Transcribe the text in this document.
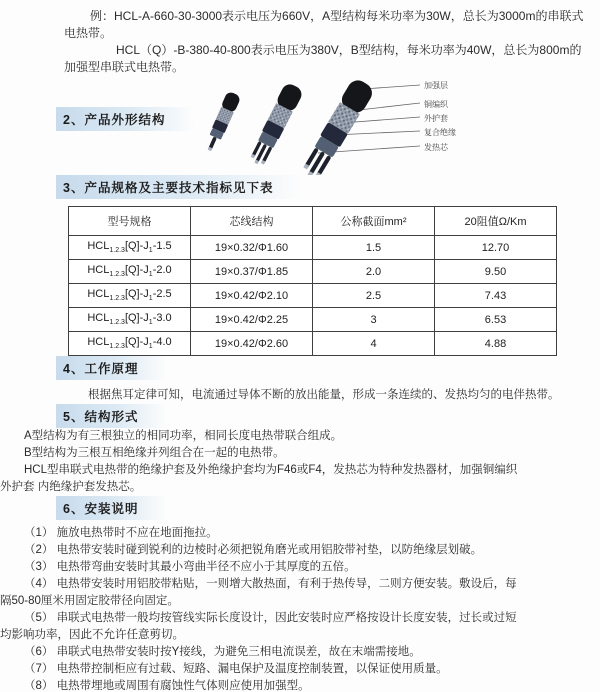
例：HCL-A-660-30-3000表示电压为660V，A型结构每米功率为30W，总长为3000m的串联式电热带。

HCL（Q）-B-380-40-800表示电压为380V，B型结构，每米功率为40W，总长为800m的加强型串联式电热带。

2、产品外形结构
加强层
铜编织
外护套
复合绝缘
发热芯
3、产品规格及主要技术指标见下表
型号规格	芯线结构	公称截面mm²	20阻值Ω/Km
$HCL_{1.2.3}[Q]-J_1-1.5$	19×0.32/Φ1.60	1.5	12.70
$HCL_{1.2.3}[Q]-J_1-2.0$	19×0.37/Φ1.85	2.0	9.50
$HCL_{1.2.3}[Q]-J_1-2.5$	19×0.42/Φ2.10	2.5	7.43
$HCL_{1.2.3}[Q]-J_1-3.0$	19×0.42/Φ2.25	3	6.53
$HCL_{1.2.3}[Q]-J_1-4.0$	19×0.42/Φ2.60	4	4.88
4、工作原理

根据焦耳定律可知，电流通过导体不断的放出能量，形成一条连续的、发热均匀的电伴热带。

5、结构形式

A型结构为有三根独立的相同功率，相同长度电热带联合组成。

B型结构为三根互相绝缘并列组合在一起的电热带。

HCL型串联式电热带的绝缘护套及外绝缘护套均为F46或F4，发热芯为特种发热器材，加强铜编织外护套 内绝缘护套发热芯。

6、安装说明

（1） 施放电热带时不应在地面拖拉。

（2） 电热带安装时碰到锐利的边棱时必须把锐角磨光或用铝胶带衬垫，以防绝缘层划破。

（3） 电热带弯曲安装时其最小弯曲半径不应小于其厚度的五倍。

（4） 电热带安装时用铝胶带粘贴，一则增大散热面，有利于热传导，二则方便安装。敷设后，每隔50-80厘米用固定胶带径向固定。

（5） 串联式电热带一般均按管线实际长度设计，因此安装时应严格按设计长度安装，过长或过短均影响功率，因此不允许任意剪切。

（6） 串联式电热带安装时按Y接线，为避免三相电流误差，故在末端需接地。

（7） 电热带控制柜应有过载、短路、漏电保护及温度控制装置，以保证使用质量。

（8） 电热带埋地或周围有腐蚀性气体则应使用加强型。
